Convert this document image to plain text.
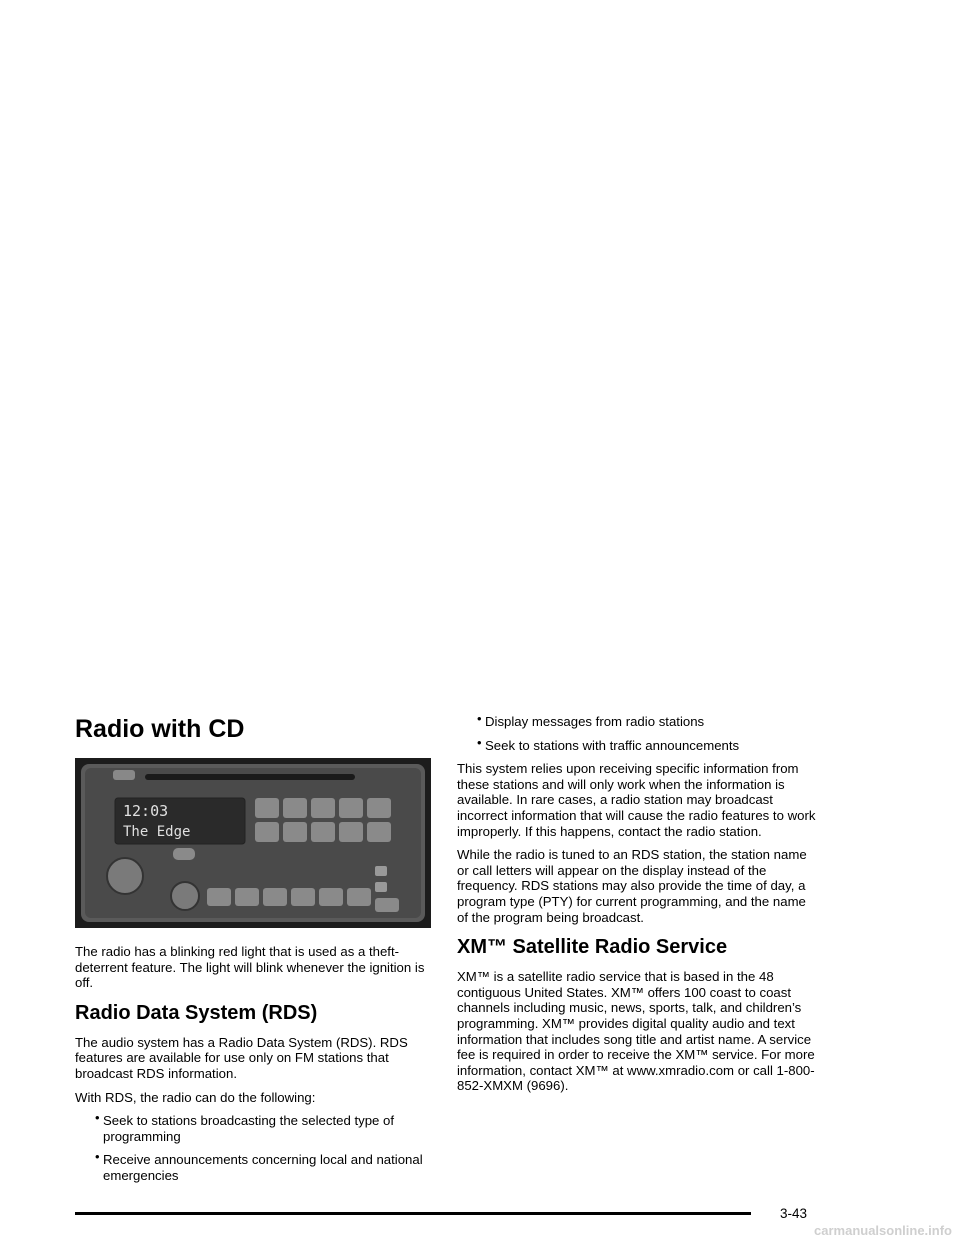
Radio with CD
12:03
The Edge

The radio has a blinking red light that is used as a theft-deterrent feature. The light will blink whenever the ignition is off.

Radio Data System (RDS)

The audio system has a Radio Data System (RDS). RDS features are available for use only on FM stations that broadcast RDS information.

With RDS, the radio can do the following:

• Seek to stations broadcasting the selected type of programming
• Receive announcements concerning local and national emergencies
• Display messages from radio stations
• Seek to stations with traffic announcements

This system relies upon receiving specific information from these stations and will only work when the information is available. In rare cases, a radio station may broadcast incorrect information that will cause the radio features to work improperly. If this happens, contact the radio station.

While the radio is tuned to an RDS station, the station name or call letters will appear on the display instead of the frequency. RDS stations may also provide the time of day, a program type (PTY) for current programming, and the name of the program being broadcast.

XM™ Satellite Radio Service

XM™ is a satellite radio service that is based in the 48 contiguous United States. XM™ offers 100 coast to coast channels including music, news, sports, talk, and children’s programming. XM™ provides digital quality audio and text information that includes song title and artist name. A service fee is required in order to receive the XM™ service. For more information, contact XM™ at www.xmradio.com or call 1-800-852-XMXM (9696).

3-43
carmanualsonline.info
